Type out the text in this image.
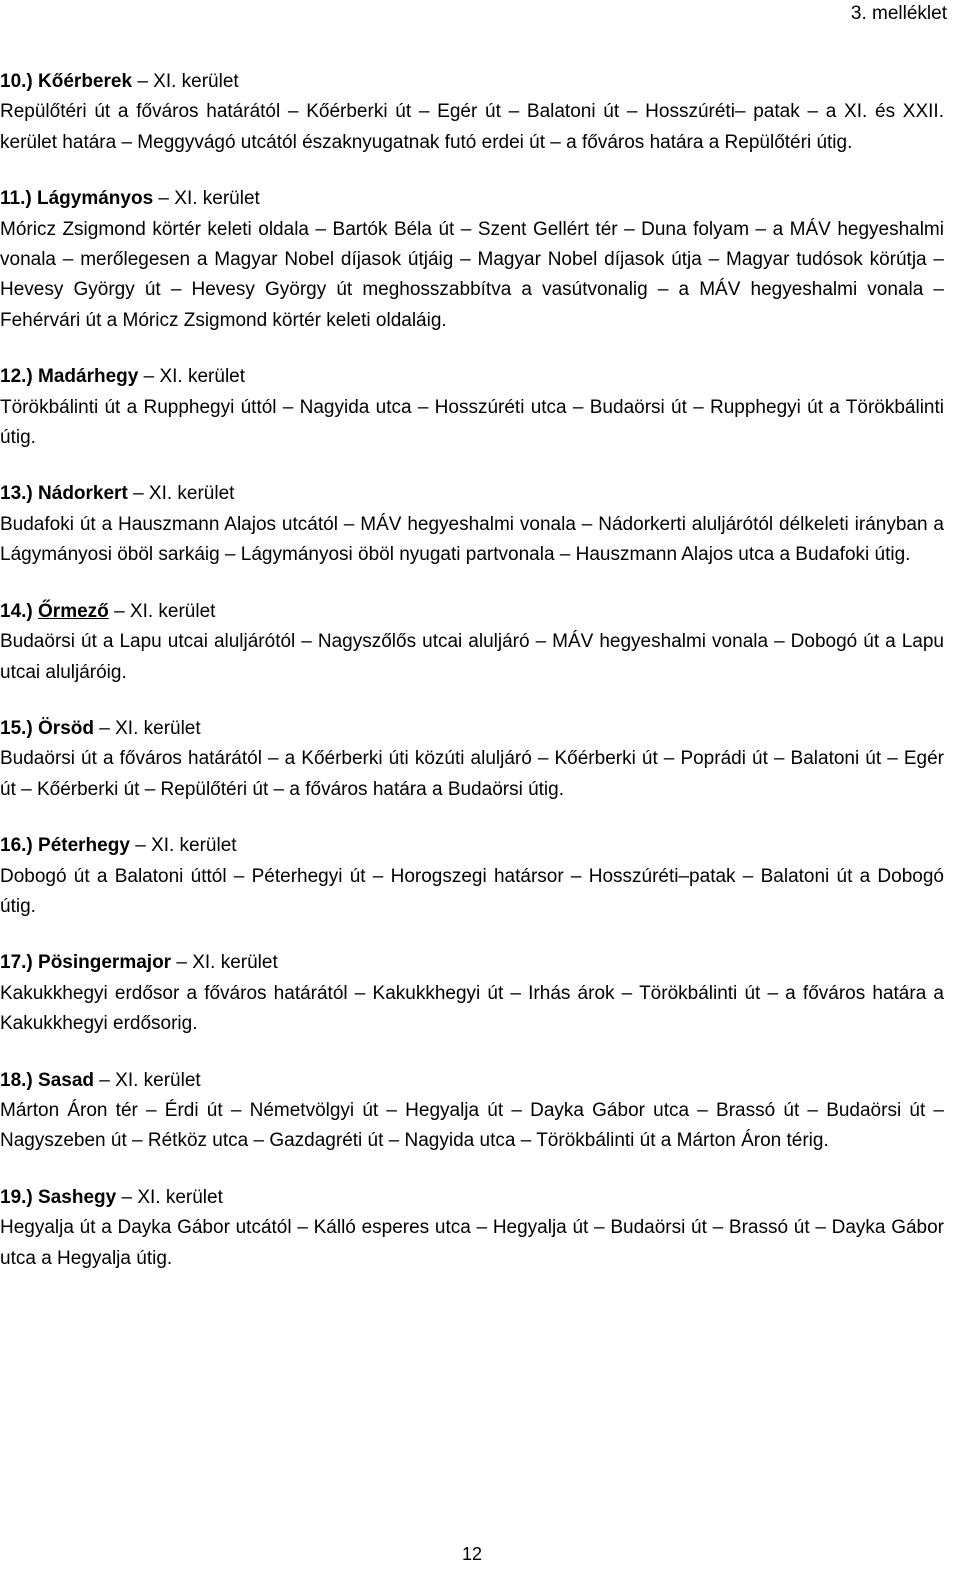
3. melléklet

10.) Kőérberek – XI. kerület

Repülőtéri út a főváros határától – Kőérberki út – Egér út – Balatoni út – Hosszúréti– patak – a XI. és XXII. kerület határa – Meggyvágó utcától északnyugatnak futó erdei út – a főváros határa a Repülőtéri útig.

11.) Lágymányos – XI. kerület

Móricz Zsigmond körtér keleti oldala – Bartók Béla út – Szent Gellért tér – Duna folyam – a MÁV hegyeshalmi vonala – merőlegesen a Magyar Nobel díjasok útjáig – Magyar Nobel díjasok útja – Magyar tudósok körútja – Hevesy György út – Hevesy György út meghosszabbítva a vasútvonalig – a MÁV hegyeshalmi vonala – Fehérvári út a Móricz Zsigmond körtér keleti oldaláig.

12.) Madárhegy – XI. kerület

Törökbálinti út a Rupphegyi úttól – Nagyida utca – Hosszúréti utca – Budaörsi út – Rupphegyi út a Törökbálinti útig.

13.) Nádorkert – XI. kerület

Budafoki út a Hauszmann Alajos utcától – MÁV hegyeshalmi vonala – Nádorkerti aluljárótól délkeleti irányban a Lágymányosi öböl sarkáig – Lágymányosi öböl nyugati partvonala – Hauszmann Alajos utca a Budafoki útig.

14.) Őrmező – XI. kerület

Budaörsi út a Lapu utcai aluljárótól – Nagyszőlős utcai aluljáró – MÁV hegyeshalmi vonala – Dobogó út a Lapu utcai aluljáróig.

15.) Örsöd – XI. kerület

Budaörsi út a főváros határától – a Kőérberki úti közúti aluljáró – Kőérberki út – Poprádi út – Balatoni út – Egér út – Kőérberki út – Repülőtéri út – a főváros határa a Budaörsi útig.

16.) Péterhegy – XI. kerület

Dobogó út a Balatoni úttól – Péterhegyi út – Horogszegi határsor – Hosszúréti–patak – Balatoni út a Dobogó útig.

17.) Pösingermajor – XI. kerület

Kakukkhegyi erdősor a főváros határától – Kakukkhegyi út – Irhás árok – Törökbálinti út – a főváros határa a Kakukkhegyi erdősorig.

18.) Sasad – XI. kerület

Márton Áron tér – Érdi út – Németvölgyi út – Hegyalja út – Dayka Gábor utca – Brassó út – Budaörsi út – Nagyszeben út – Rétköz utca – Gazdagréti út – Nagyida utca – Törökbálinti út a Márton Áron térig.

19.) Sashegy – XI. kerület

Hegyalja út a Dayka Gábor utcától – Kálló esperes utca – Hegyalja út – Budaörsi út – Brassó út – Dayka Gábor utca a Hegyalja útig.

12
